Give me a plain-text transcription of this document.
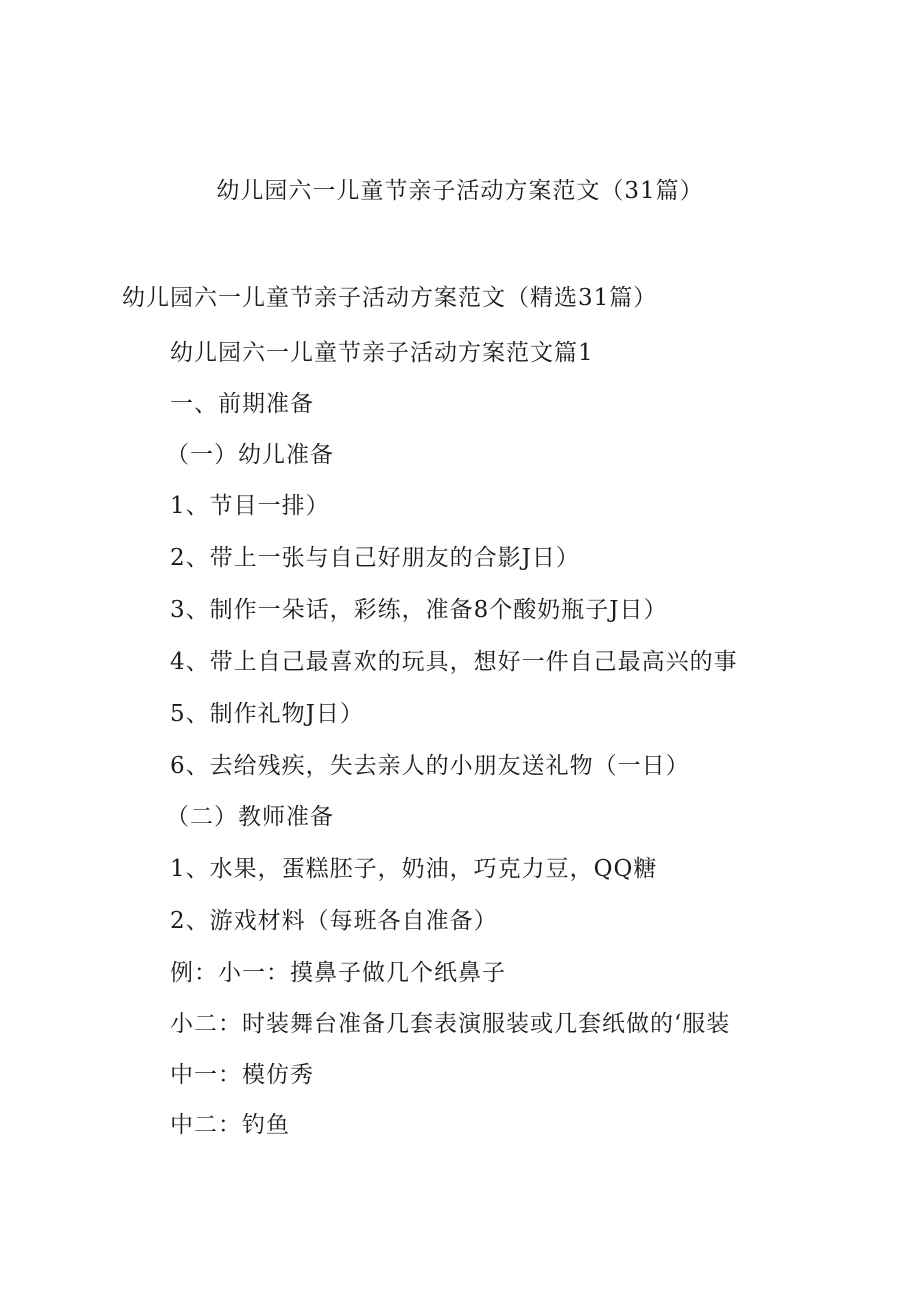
幼儿园六一儿童节亲子活动方案范文（31篇）
幼儿园六一儿童节亲子活动方案范文（精选31篇）
幼儿园六一儿童节亲子活动方案范文篇1
一、前期准备
（一）幼儿准备
1、节目一排）
2、带上一张与自己好朋友的合影J日）
3、制作一朵话，彩练，准备8个酸奶瓶子J日）
4、带上自己最喜欢的玩具，想好一件自己最高兴的事
5、制作礼物J日）
6、去给残疾，失去亲人的小朋友送礼物（一日）
（二）教师准备
1、水果，蛋糕胚子，奶油，巧克力豆，QQ糖
2、游戏材料（每班各自准备）
例：小一：摸鼻子做几个纸鼻子
小二：时装舞台准备几套表演服装或几套纸做的‘服装
中一：模仿秀
中二：钓鱼
